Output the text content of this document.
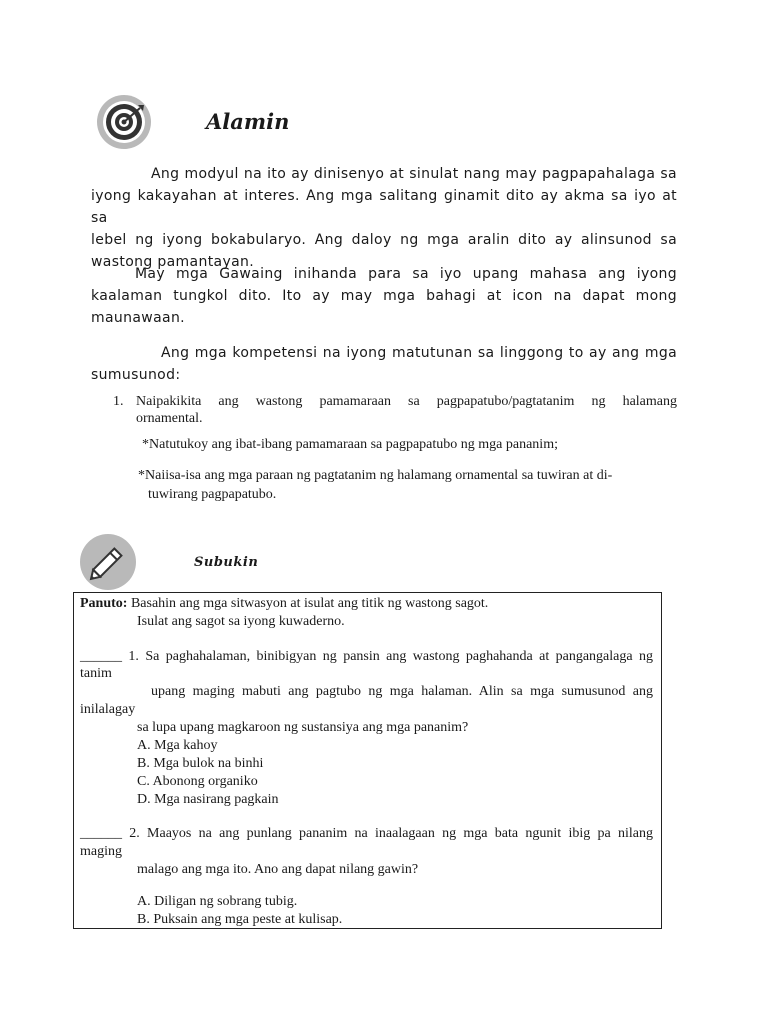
Alamin
Ang modyul na ito ay dinisenyo at sinulat nang may pagpapahalaga sa
iyong kakayahan at interes. Ang mga salitang ginamit dito ay akma sa iyo at sa
lebel ng iyong bokabularyo. Ang daloy ng mga aralin dito ay alinsunod sa
wastong pamantayan.
May mga Gawaing inihanda para sa iyo upang mahasa ang iyong
kaalaman tungkol dito. Ito ay may mga bahagi at icon na dapat mong
maunawaan.
Ang mga kompetensi na iyong matutunan sa linggong to ay ang mga
sumusunod:
1. Naipakikita ang wastong pamamaraan sa pagpapatubo/pagtatanim ng halamang
ornamental.
*Natutukoy ang ibat-ibang pamamaraan sa pagpapatubo ng mga pananim;
*Naiisa-isa ang mga paraan ng pagtatanim ng halamang ornamental sa tuwiran at di-
tuwirang pagpapatubo.
Subukin
Panuto: Basahin ang mga sitwasyon at isulat ang titik ng wastong sagot.
Isulat ang sagot sa iyong kuwaderno.
______ 1. Sa paghahalaman, binibigyan ng pansin ang wastong paghahanda at pangangalaga ng
tanim
upang maging mabuti ang pagtubo ng mga halaman. Alin sa mga sumusunod ang
inilalagay
sa lupa upang magkaroon ng sustansiya ang mga pananim?
A. Mga kahoy
B. Mga bulok na binhi
C. Abonong organiko
D. Mga nasirang pagkain
______ 2. Maayos na ang punlang pananim na inaalagaan ng mga bata ngunit ibig pa nilang
maging
malago ang mga ito. Ano ang dapat nilang gawin?
A. Diligan ng sobrang tubig.
B. Puksain ang mga peste at kulisap.
